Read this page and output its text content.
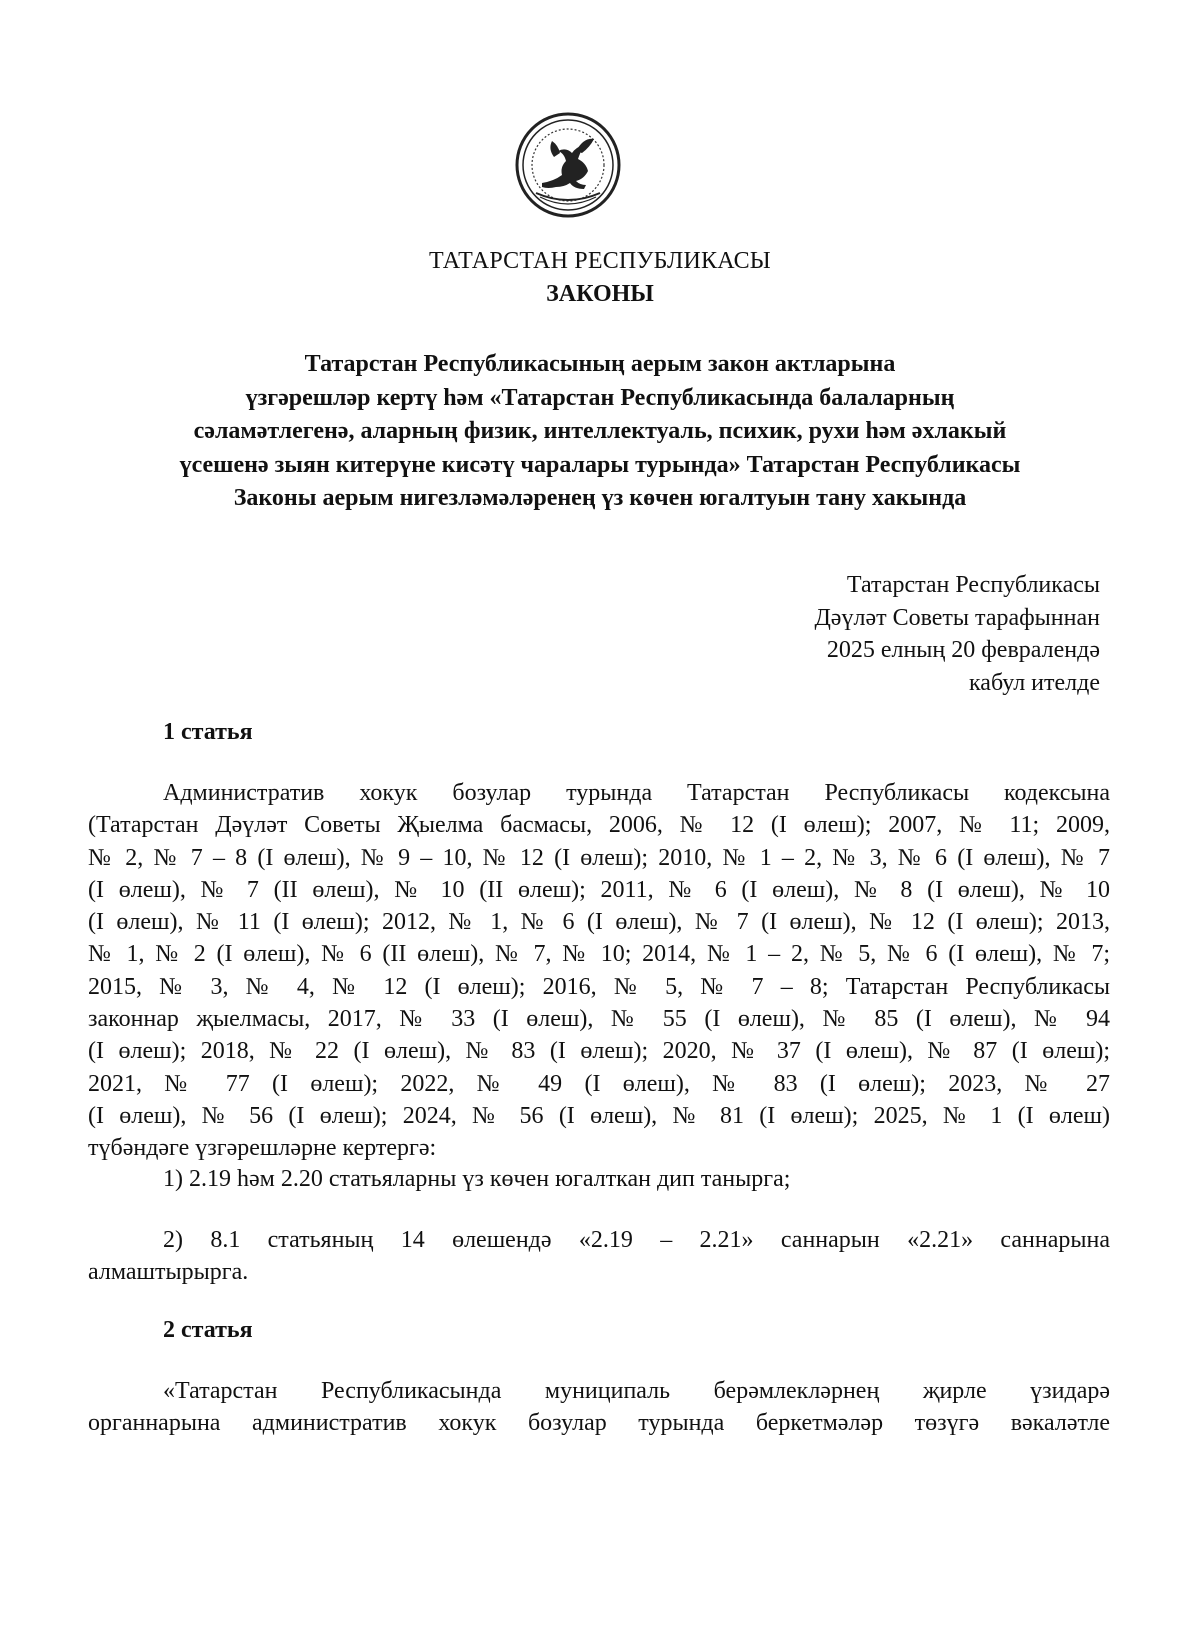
ТАТАРСТАН РЕСПУБЛИКАСЫ
ЗАКОНЫ
Татарстан Республикасының аерым закон актларына
үзгәрешләр кертү һәм «Татарстан Республикасында балаларның
сәламәтлегенә, аларның физик, интеллектуаль, психик, рухи һәм әхлакый
үсешенә зыян китерүне кисәтү чаралары турында» Татарстан Республикасы
Законы аерым нигезләмәләренең үз көчен югалтуын тану хакында
Татарстан Республикасы
Дәүләт Советы тарафыннан
2025 елның 20 февралендә
кабул ителде
1 статья
Административ хокук бозулар турында Татарстан Республикасы кодексына
(Татарстан Дәүләт Советы Җыелма басмасы, 2006, № 12 (I өлеш); 2007, № 11; 2009,
№ 2, № 7 – 8 (I өлеш), № 9 – 10, № 12 (I өлеш); 2010, № 1 – 2, № 3, № 6 (I өлеш), № 7
(I өлеш), № 7 (II өлеш), № 10 (II өлеш); 2011, № 6 (I өлеш), № 8 (I өлеш), № 10
(I өлеш), № 11 (I өлеш); 2012, № 1, № 6 (I өлеш), № 7 (I өлеш), № 12 (I өлеш); 2013,
№ 1, № 2 (I өлеш), № 6 (II өлеш), № 7, № 10; 2014, № 1 – 2, № 5, № 6 (I өлеш), № 7;
2015, № 3, № 4, № 12 (I өлеш); 2016, № 5, № 7 – 8; Татарстан Республикасы
законнар җыелмасы, 2017, № 33 (I өлеш), № 55 (I өлеш), № 85 (I өлеш), № 94
(I өлеш); 2018, № 22 (I өлеш), № 83 (I өлеш); 2020, № 37 (I өлеш), № 87 (I өлеш);
2021, № 77 (I өлеш); 2022, № 49 (I өлеш), № 83 (I өлеш); 2023, № 27
(I өлеш), № 56 (I өлеш); 2024, № 56 (I өлеш), № 81 (I өлеш); 2025, № 1 (I өлеш)
түбәндәге үзгәрешләрне кертергә:
1) 2.19 һәм 2.20 статьяларны үз көчен югалткан дип танырга;
2) 8.1 статьяның 14 өлешендә «2.19 – 2.21» саннарын «2.21» саннарына
алмаштырырга.
2 статья
«Татарстан Республикасында муниципаль берәмлекләрнең җирле үзидарә
органнарына административ хокук бозулар турында беркетмәләр төзүгә вәкаләтле
